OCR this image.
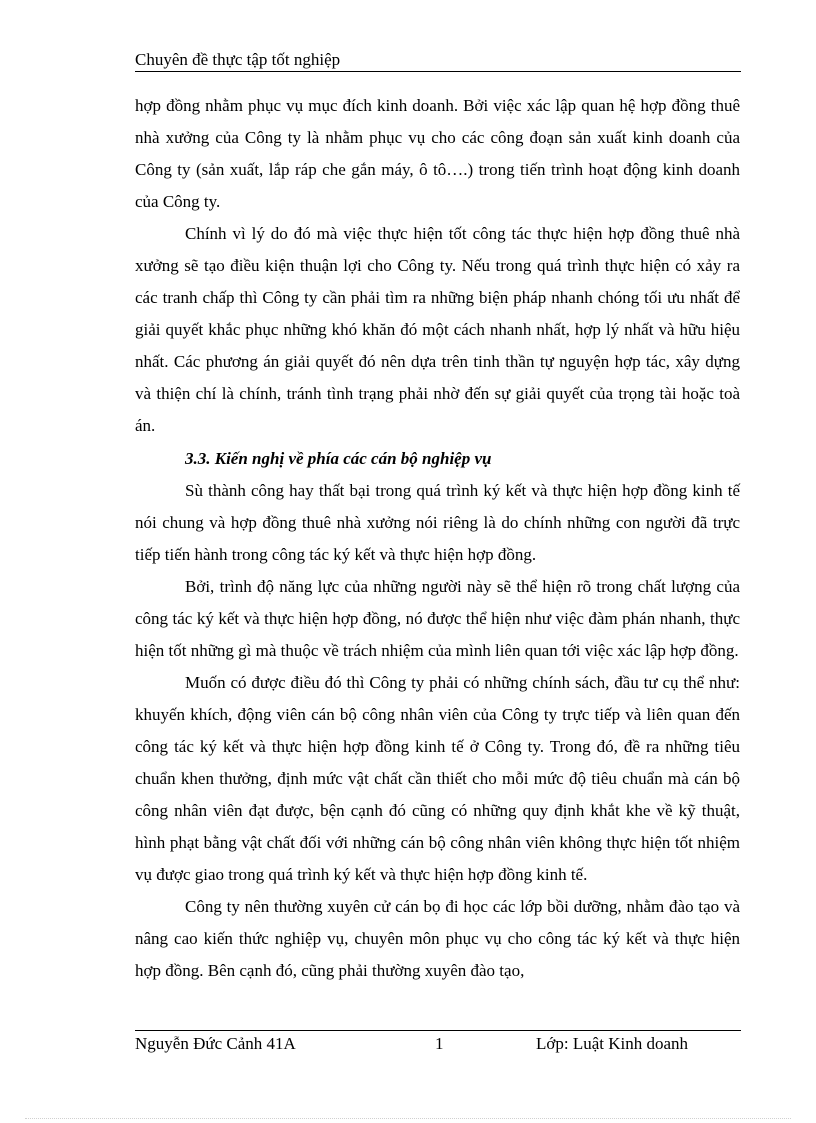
Chuyên đề thực tập tốt nghiệp

hợp đồng nhằm phục vụ mục đích kinh doanh. Bởi việc xác lập quan hệ hợp đồng thuê nhà xưởng của Công ty là nhằm phục vụ cho các công đoạn sản xuất kinh doanh của Công ty (sản xuất, lắp ráp che gắn máy, ô tô….) trong tiến trình hoạt động kinh doanh của Công ty.

Chính vì lý do đó mà việc thực hiện tốt công tác thực hiện hợp đồng thuê nhà xưởng sẽ tạo điều kiện thuận lợi cho Công ty. Nếu trong quá trình thực hiện có xảy ra các tranh chấp thì Công ty cần phải tìm ra những biện pháp nhanh chóng tối ưu nhất để giải quyết khắc phục những khó khăn đó một cách nhanh nhất, hợp lý nhất và hữu hiệu nhất. Các phương án giải quyết đó nên dựa trên tinh thần tự nguyện hợp tác, xây dựng và thiện chí là chính, tránh tình trạng phải nhờ đến sự giải quyết của trọng tài hoặc toà án.

3.3. Kiến nghị về phía các cán bộ nghiệp vụ

Sù thành công hay thất bại trong quá trình ký kết và thực hiện hợp đồng kinh tế nói chung và hợp đồng thuê nhà xưởng nói riêng là do chính những con người đã trực tiếp tiến hành trong công tác ký kết và thực hiện hợp đồng.

Bởi, trình độ năng lực của những người này sẽ thể hiện rõ trong chất lượng của công tác ký kết và thực hiện hợp đồng, nó được thể hiện như việc đàm phán nhanh, thực hiện tốt những gì mà thuộc về trách nhiệm của mình liên quan tới việc xác lập hợp đồng.

Muốn có được điều đó thì Công ty phải có những chính sách, đầu tư cụ thể như: khuyến khích, động viên cán bộ công nhân viên của Công ty trực tiếp và liên quan đến công tác ký kết và thực hiện hợp đồng kinh tế ở Công ty. Trong đó, đề ra những tiêu chuẩn khen thưởng, định mức vật chất cần thiết cho mỗi mức độ tiêu chuẩn mà cán bộ công nhân viên đạt được, bện cạnh đó cũng có những quy định khắt khe về kỹ thuật, hình phạt bằng vật chất đối với những cán bộ công nhân viên không thực hiện tốt nhiệm vụ được giao trong quá trình ký kết và thực hiện hợp đồng kinh tế.

Công ty nên thường xuyên cử cán bọ đi học các lớp bồi dưỡng, nhằm đào tạo và nâng cao kiến thức nghiệp vụ, chuyên môn phục vụ cho công tác ký kết và thực hiện hợp đồng. Bên cạnh đó, cũng phải thường xuyên đào tạo,

Nguyễn Đức Cảnh 41A	1	Lớp: Luật Kinh doanh
